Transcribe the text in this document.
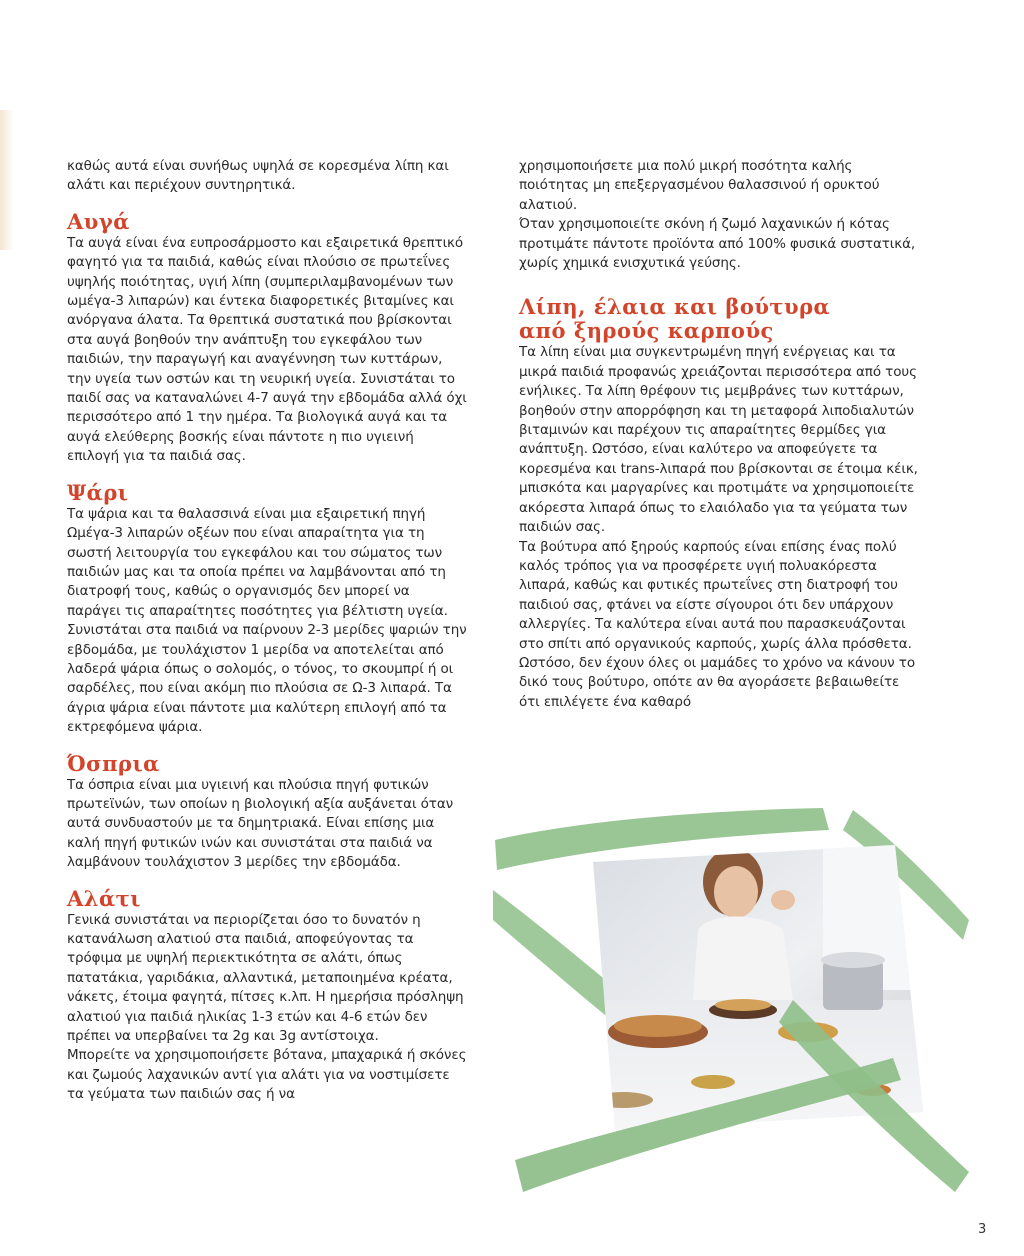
καθώς αυτά είναι συνήθως υψηλά σε κορεσμένα λίπη και αλάτι και περιέχουν συντηρητικά.

Αυγά

Τα αυγά είναι ένα ευπροσάρμοστο και εξαιρετικά θρεπτικό φαγητό για τα παιδιά, καθώς είναι πλούσιο σε πρωτεΐνες υψηλής ποιότητας, υγιή λίπη (συμπεριλαμβανομένων των ωμέγα-3 λιπαρών) και έντεκα διαφορετικές βιταμίνες και ανόργανα άλατα. Τα θρεπτικά συστατικά που βρίσκονται στα αυγά βοηθούν την ανάπτυξη του εγκεφάλου των παιδιών, την παραγωγή και αναγέννηση των κυττάρων, την υγεία των οστών και τη νευρική υγεία. Συνιστάται το παιδί σας να καταναλώνει 4-7 αυγά την εβδομάδα αλλά όχι περισσότερο από 1 την ημέρα. Τα βιολογικά αυγά και τα αυγά ελεύθερης βοσκής είναι πάντοτε η πιο υγιεινή επιλογή για τα παιδιά σας.

Ψάρι

Τα ψάρια και τα θαλασσινά είναι μια εξαιρετική πηγή Ωμέγα-3 λιπαρών οξέων που είναι απαραίτητα για τη σωστή λειτουργία του εγκεφάλου και του σώματος των παιδιών μας και τα οποία πρέπει να λαμβάνονται από τη διατροφή τους, καθώς ο οργανισμός δεν μπορεί να παράγει τις απαραίτητες ποσότητες για βέλτιστη υγεία. Συνιστάται στα παιδιά να παίρνουν 2-3 μερίδες ψαριών την εβδομάδα, με τουλάχιστον 1 μερίδα να αποτελείται από λαδερά ψάρια όπως ο σολομός, ο τόνος, το σκουμπρί ή οι σαρδέλες, που είναι ακόμη πιο πλούσια σε Ω-3 λιπαρά. Τα άγρια ψάρια είναι πάντοτε μια καλύτερη επιλογή από τα εκτρεφόμενα ψάρια.

Όσπρια

Τα όσπρια είναι μια υγιεινή και πλούσια πηγή φυτικών πρωτεϊνών, των οποίων η βιολογική αξία αυξάνεται όταν αυτά συνδυαστούν με τα δημητριακά. Είναι επίσης μια καλή πηγή φυτικών ινών και συνιστάται στα παιδιά να λαμβάνουν τουλάχιστον 3 μερίδες την εβδομάδα.

Αλάτι

Γενικά συνιστάται να περιορίζεται όσο το δυνατόν η κατανάλωση αλατιού στα παιδιά, αποφεύγοντας τα τρόφιμα με υψηλή περιεκτικότητα σε αλάτι, όπως πατατάκια, γαριδάκια, αλλαντικά, μεταποιημένα κρέατα, νάκετς, έτοιμα φαγητά, πίτσες κ.λπ. Η ημερήσια πρόσληψη αλατιού για παιδιά ηλικίας 1-3 ετών και 4-6 ετών δεν πρέπει να υπερβαίνει τα 2g και 3g αντίστοιχα.

Μπορείτε να χρησιμοποιήσετε βότανα, μπαχαρικά ή σκόνες και ζωμούς λαχανικών αντί για αλάτι για να νοστιμίσετε τα γεύματα των παιδιών σας ή να

χρησιμοποιήσετε μια πολύ μικρή ποσότητα καλής ποιότητας μη επεξεργασμένου θαλασσινού ή ορυκτού αλατιού.

Όταν χρησιμοποιείτε σκόνη ή ζωμό λαχανικών ή κότας προτιμάτε πάντοτε προϊόντα από 100% φυσικά συστατικά, χωρίς χημικά ενισχυτικά γεύσης.

Λίπη, έλαια και βούτυρα
από ξηρούς καρπούς

Τα λίπη είναι μια συγκεντρωμένη πηγή ενέργειας και τα μικρά παιδιά προφανώς χρειάζονται περισσότερα από τους ενήλικες. Τα λίπη θρέφουν τις μεμβράνες των κυττάρων, βοηθούν στην απορρόφηση και τη μεταφορά λιποδιαλυτών βιταμινών και παρέχουν τις απαραίτητες θερμίδες για ανάπτυξη. Ωστόσο, είναι καλύτερο να αποφεύγετε τα κορεσμένα και trans-λιπαρά που βρίσκονται σε έτοιμα κέικ, μπισκότα και μαργαρίνες και προτιμάτε να χρησιμοποιείτε ακόρεστα λιπαρά όπως το ελαιόλαδο για τα γεύματα των παιδιών σας.

Τα βούτυρα από ξηρούς καρπούς είναι επίσης ένας πολύ καλός τρόπος για να προσφέρετε υγιή πολυακόρεστα λιπαρά, καθώς και φυτικές πρωτεΐνες στη διατροφή του παιδιού σας, φτάνει να είστε σίγουροι ότι δεν υπάρχουν αλλεργίες. Τα καλύτερα είναι αυτά που παρασκευάζονται στο σπίτι από οργανικούς καρπούς, χωρίς άλλα πρόσθετα. Ωστόσο, δεν έχουν όλες οι μαμάδες το χρόνο να κάνουν το δικό τους βούτυρο, οπότε αν θα αγοράσετε βεβαιωθείτε ότι επιλέγετε ένα καθαρό

3
